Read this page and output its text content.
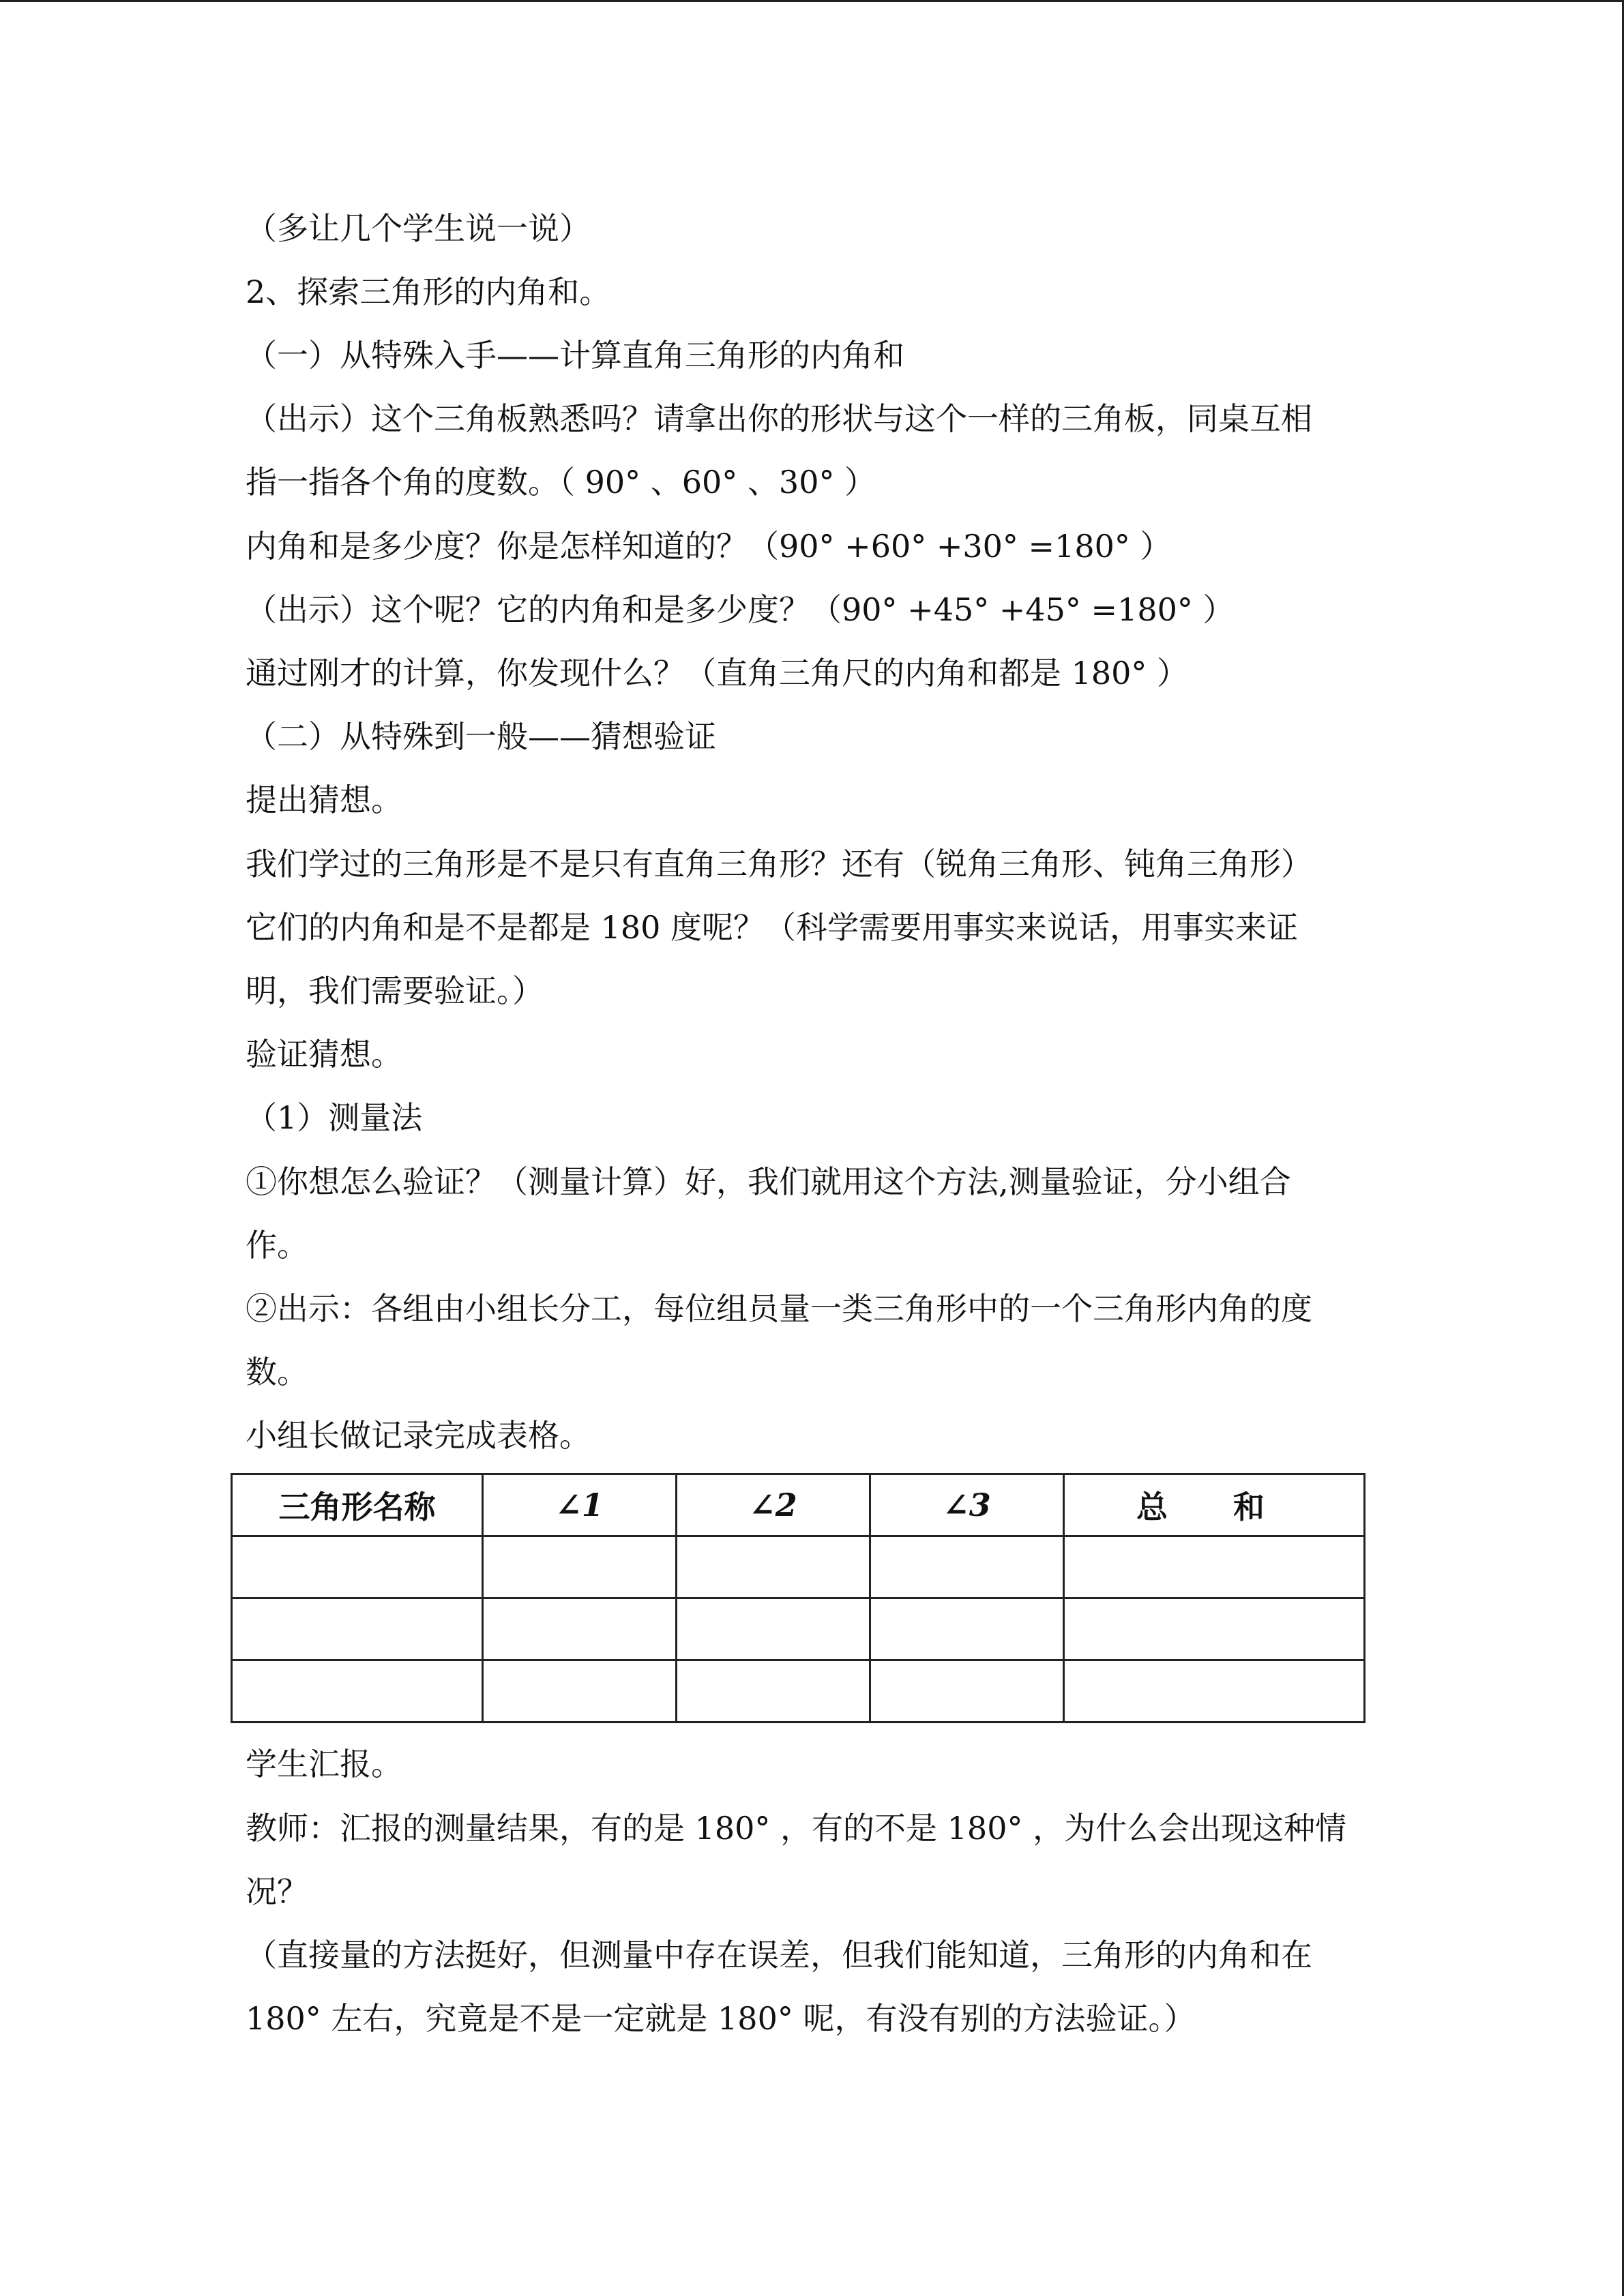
（多让几个学生说一说）
2、探索三角形的内角和。
（一）从特殊入手——计算直角三角形的内角和
（出示）这个三角板熟悉吗？请拿出你的形状与这个一样的三角板，同桌互相
指一指各个角的度数。（ 90° 、60° 、30° ）
内角和是多少度？你是怎样知道的？（90° +60° +30° =180° ）
（出示）这个呢？它的内角和是多少度？（90° +45° +45° =180° ）
通过刚才的计算，你发现什么？（直角三角尺的内角和都是 180° ）
（二）从特殊到一般——猜想验证
提出猜想。
我们学过的三角形是不是只有直角三角形？还有（锐角三角形、钝角三角形）
它们的内角和是不是都是 180 度呢？（科学需要用事实来说话，用事实来证
明，我们需要验证。）
验证猜想。
（1）测量法
①你想怎么验证？（测量计算）好，我们就用这个方法,测量验证，分小组合
作。
②出示：各组由小组长分工，每位组员量一类三角形中的一个三角形内角的度
数。
小组长做记录完成表格。
三角形名称	∠1	∠2	∠3	总 和

学生汇报。
教师：汇报的测量结果，有的是 180° ，有的不是 180° ，为什么会出现这种情
况？
（直接量的方法挺好，但测量中存在误差，但我们能知道，三角形的内角和在
180° 左右，究竟是不是一定就是 180° 呢，有没有别的方法验证。）
